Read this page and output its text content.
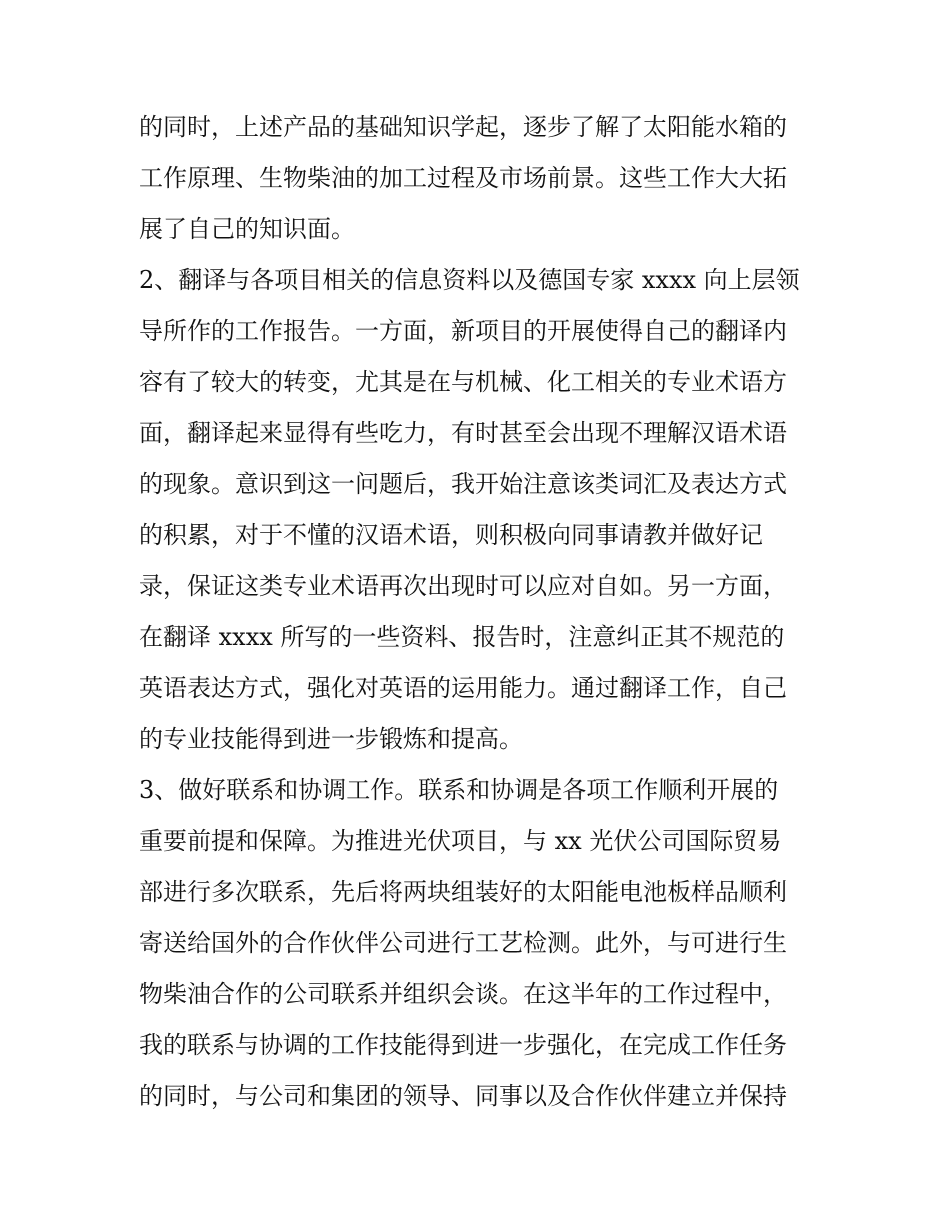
的同时，上述产品的基础知识学起，逐步了解了太阳能水箱的
工作原理、生物柴油的加工过程及市场前景。这些工作大大拓
展了自己的知识面。
2、翻译与各项目相关的信息资料以及德国专家 xxxx 向上层领
导所作的工作报告。一方面，新项目的开展使得自己的翻译内
容有了较大的转变，尤其是在与机械、化工相关的专业术语方
面，翻译起来显得有些吃力，有时甚至会出现不理解汉语术语
的现象。意识到这一问题后，我开始注意该类词汇及表达方式
的积累，对于不懂的汉语术语，则积极向同事请教并做好记
录，保证这类专业术语再次出现时可以应对自如。另一方面，
在翻译 xxxx 所写的一些资料、报告时，注意纠正其不规范的
英语表达方式，强化对英语的运用能力。通过翻译工作，自己
的专业技能得到进一步锻炼和提高。
3、做好联系和协调工作。联系和协调是各项工作顺利开展的
重要前提和保障。为推进光伏项目，与 xx 光伏公司国际贸易
部进行多次联系，先后将两块组装好的太阳能电池板样品顺利
寄送给国外的合作伙伴公司进行工艺检测。此外，与可进行生
物柴油合作的公司联系并组织会谈。在这半年的工作过程中，
我的联系与协调的工作技能得到进一步强化，在完成工作任务
的同时，与公司和集团的领导、同事以及合作伙伴建立并保持
